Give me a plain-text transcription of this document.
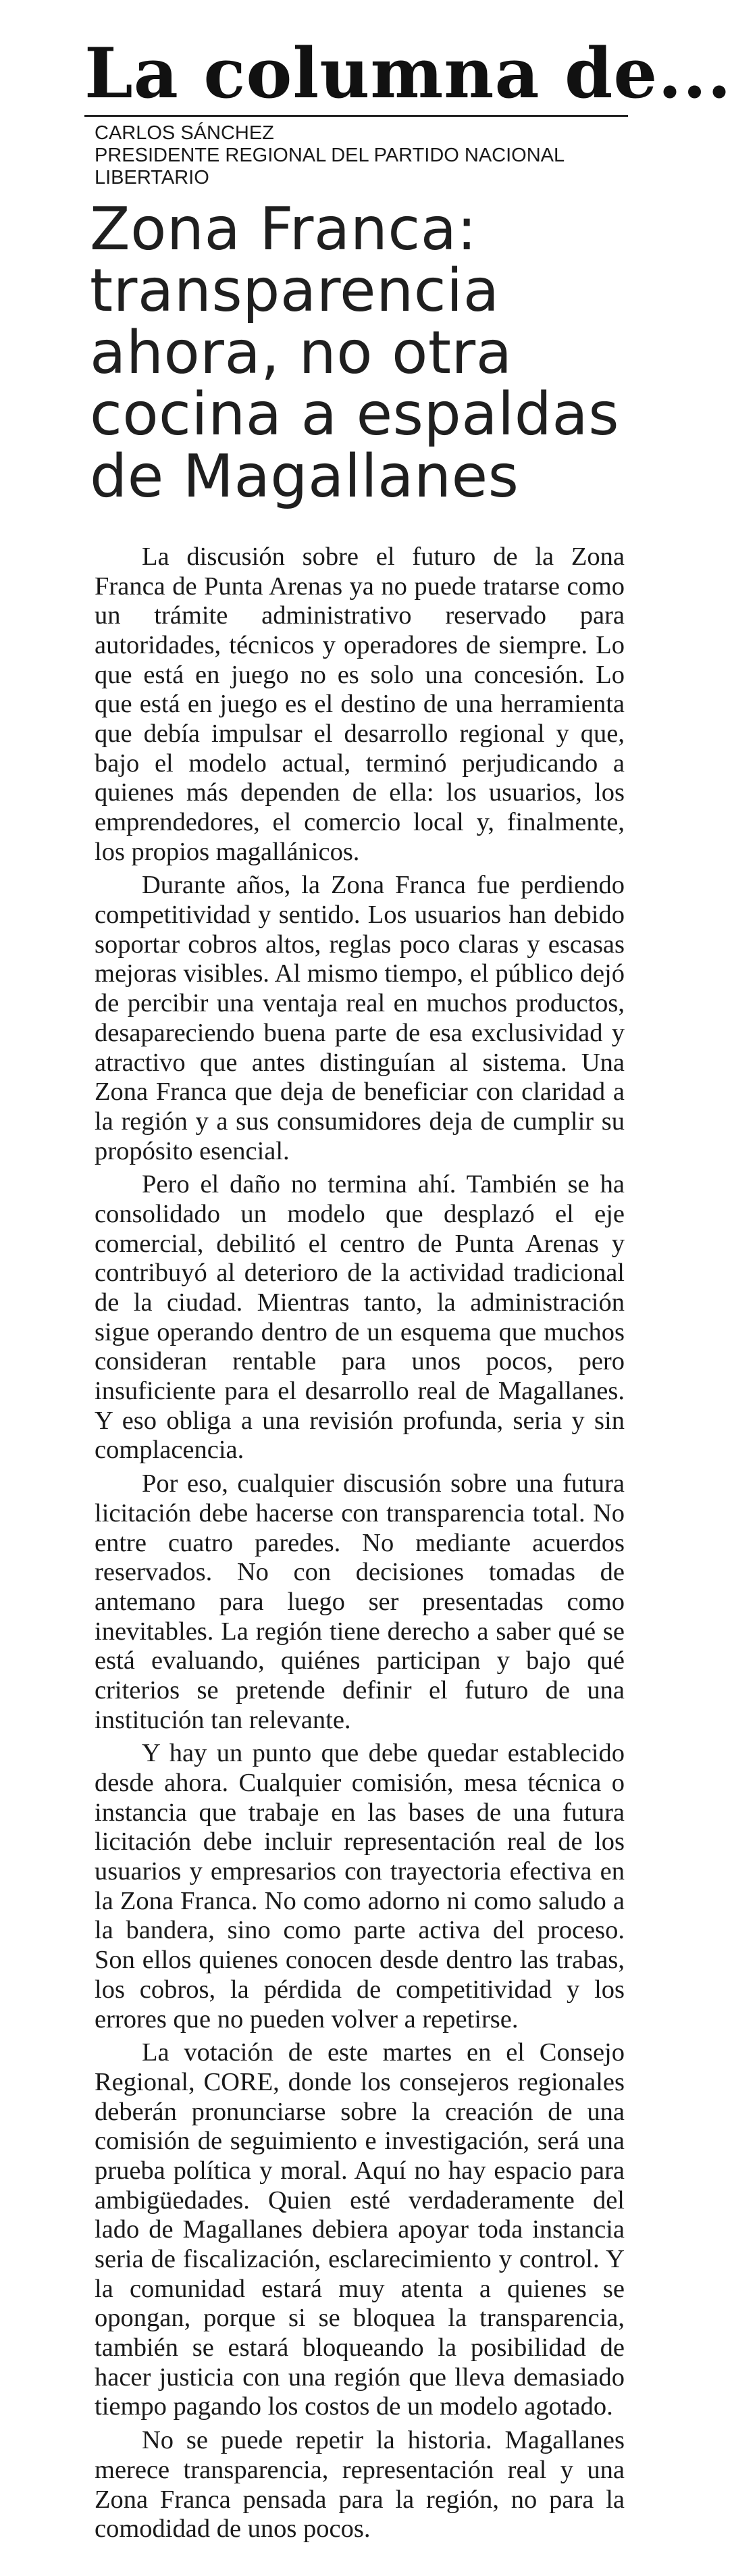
La columna de...
CARLOS SÁNCHEZ
PRESIDENTE REGIONAL DEL PARTIDO NACIONAL LIBERTARIO
Zona Franca: transparencia ahora, no otra cocina a espaldas de Magallanes

La discusión sobre el futuro de la Zona Franca de Punta Arenas ya no puede tratarse como un trámite administrativo reservado para autoridades, técnicos y operadores de siempre. Lo que está en juego no es solo una concesión. Lo que está en juego es el destino de una herramienta que debía impulsar el desarrollo regional y que, bajo el modelo actual, terminó perjudicando a quienes más dependen de ella: los usuarios, los emprendedores, el comercio local y, finalmente, los propios magallánicos.

Durante años, la Zona Franca fue perdiendo competitividad y sentido. Los usuarios han debido soportar cobros altos, reglas poco claras y escasas mejoras visibles. Al mismo tiempo, el público dejó de percibir una ventaja real en muchos productos, desapareciendo buena parte de esa exclusividad y atractivo que antes distinguían al sistema. Una Zona Franca que deja de beneficiar con claridad a la región y a sus consumidores deja de cumplir su propósito esencial.

Pero el daño no termina ahí. También se ha consolidado un modelo que desplazó el eje comercial, debilitó el centro de Punta Arenas y contribuyó al deterioro de la actividad tradicional de la ciudad. Mientras tanto, la administración sigue operando dentro de un esquema que muchos consideran rentable para unos pocos, pero insuficiente para el desarrollo real de Magallanes. Y eso obliga a una revisión profunda, seria y sin complacencia.

Por eso, cualquier discusión sobre una futura licitación debe hacerse con transparencia total. No entre cuatro paredes. No mediante acuerdos reservados. No con decisiones tomadas de antemano para luego ser presentadas como inevitables. La región tiene derecho a saber qué se está evaluando, quiénes participan y bajo qué criterios se pretende definir el futuro de una institución tan relevante.

Y hay un punto que debe quedar establecido desde ahora. Cualquier comisión, mesa técnica o instancia que trabaje en las bases de una futura licitación debe incluir representación real de los usuarios y empresarios con trayectoria efectiva en la Zona Franca. No como adorno ni como saludo a la bandera, sino como parte activa del proceso. Son ellos quienes conocen desde dentro las trabas, los cobros, la pérdida de competitividad y los errores que no pueden volver a repetirse.

La votación de este martes en el Consejo Regional, CORE, donde los consejeros regionales deberán pronunciarse sobre la creación de una comisión de seguimiento e investigación, será una prueba política y moral. Aquí no hay espacio para ambigüedades. Quien esté verdaderamente del lado de Magallanes debiera apoyar toda instancia seria de fiscalización, esclarecimiento y control. Y la comunidad estará muy atenta a quienes se opongan, porque si se bloquea la transparencia, también se estará bloqueando la posibilidad de hacer justicia con una región que lleva demasiado tiempo pagando los costos de un modelo agotado.

No se puede repetir la historia. Magallanes merece transparencia, representación real y una Zona Franca pensada para la región, no para la comodidad de unos pocos.
